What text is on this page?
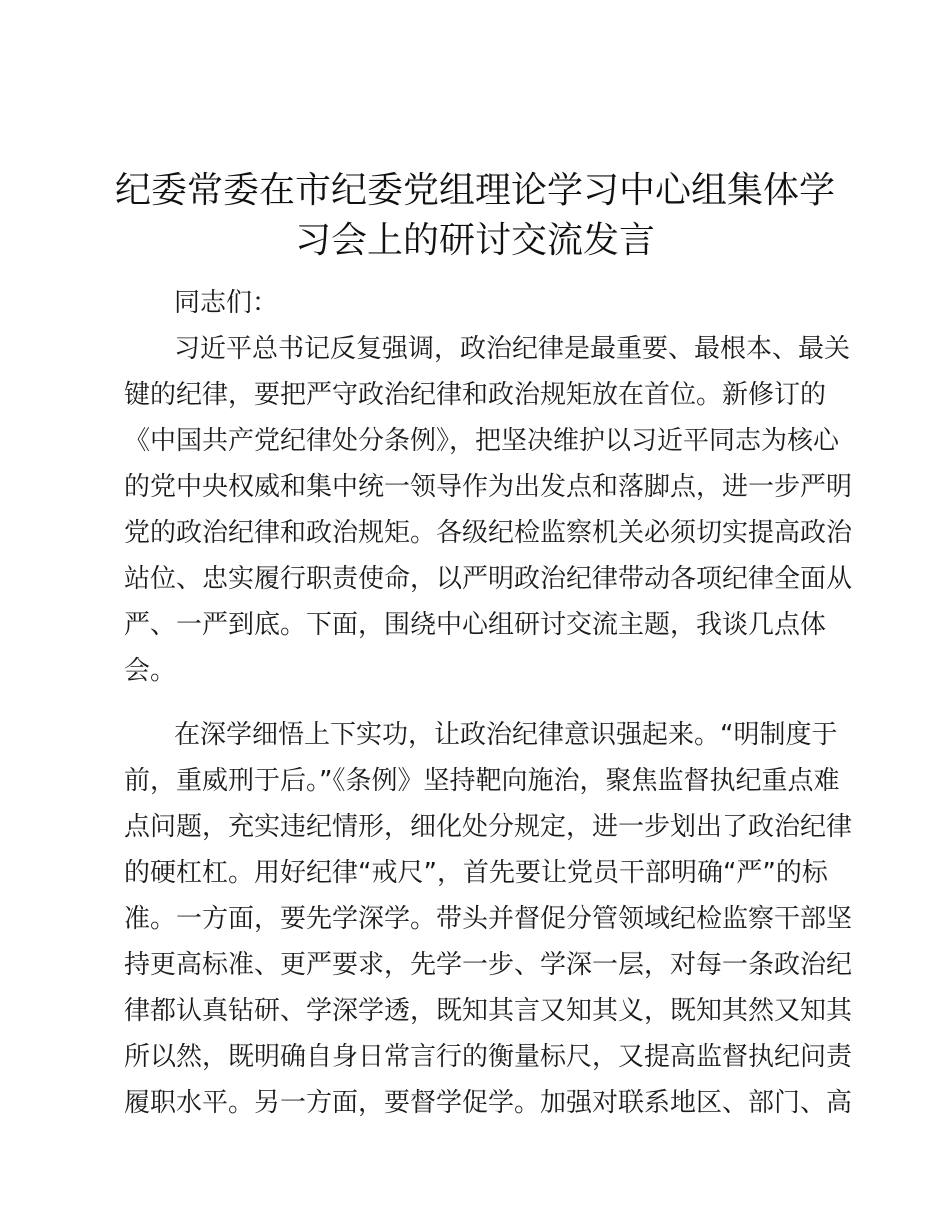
纪委常委在市纪委党组理论学习中心组集体学
习会上的研讨交流发言
同志们：
习近平总书记反复强调，政治纪律是最重要、最根本、最关
键的纪律，要把严守政治纪律和政治规矩放在首位。新修订的
《中国共产党纪律处分条例》，把坚决维护以习近平同志为核心
的党中央权威和集中统一领导作为出发点和落脚点，进一步严明
党的政治纪律和政治规矩。各级纪检监察机关必须切实提高政治
站位、忠实履行职责使命，以严明政治纪律带动各项纪律全面从
严、一严到底。下面，围绕中心组研讨交流主题，我谈几点体
会。
在深学细悟上下实功，让政治纪律意识强起来。“明制度于
前，重威刑于后。”《条例》坚持靶向施治，聚焦监督执纪重点难
点问题，充实违纪情形，细化处分规定，进一步划出了政治纪律
的硬杠杠。用好纪律“戒尺”，首先要让党员干部明确“严”的标
准。一方面，要先学深学。带头并督促分管领域纪检监察干部坚
持更高标准、更严要求，先学一步、学深一层，对每一条政治纪
律都认真钻研、学深学透，既知其言又知其义，既知其然又知其
所以然，既明确自身日常言行的衡量标尺，又提高监督执纪问责
履职水平。另一方面，要督学促学。加强对联系地区、部门、高
